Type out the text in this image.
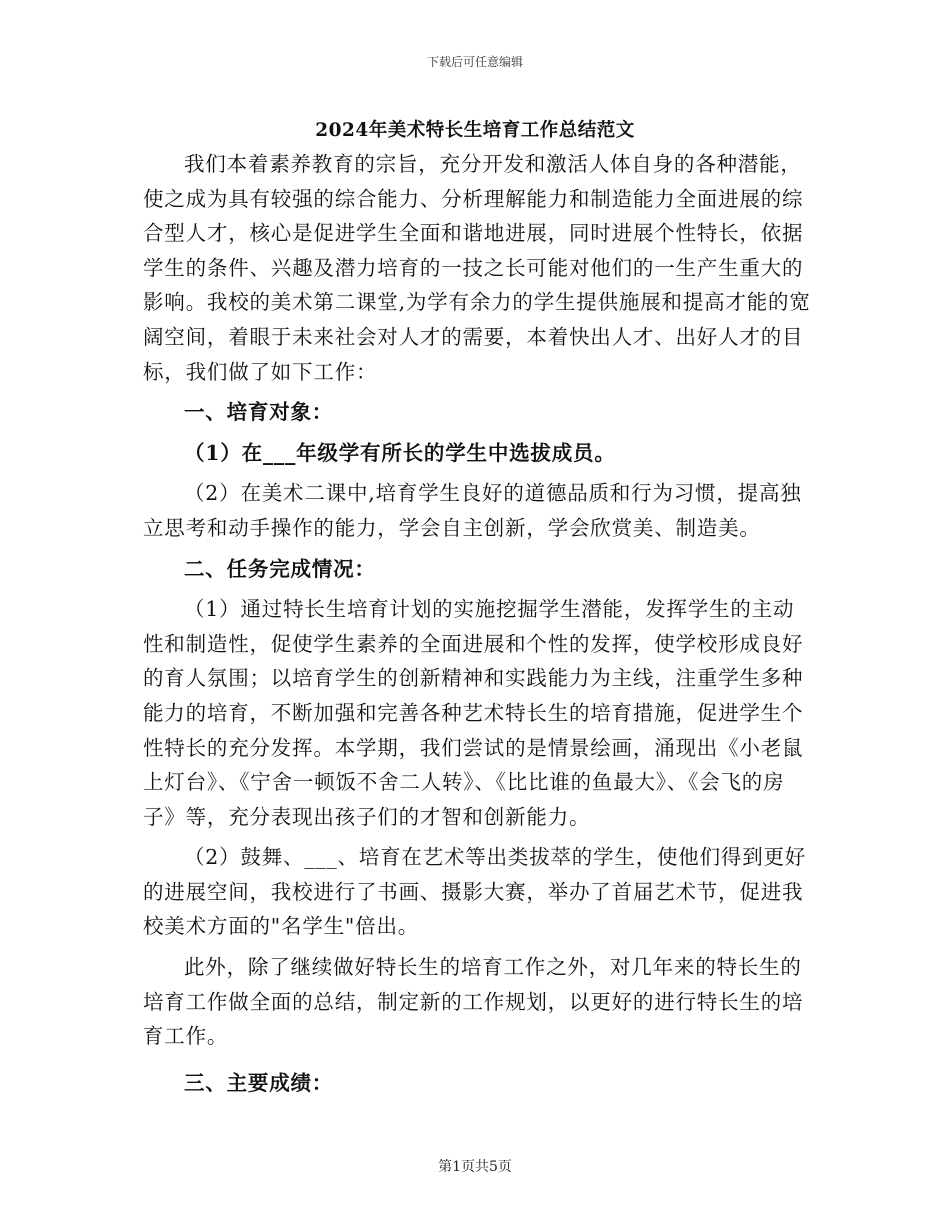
下载后可任意编辑
2024年美术特长生培育工作总结范文

我们本着素养教育的宗旨，充分开发和激活人体自身的各种潜能，使之成为具有较强的综合能力、分析理解能力和制造能力全面进展的综合型人才，核心是促进学生全面和谐地进展，同时进展个性特长，依据学生的条件、兴趣及潜力培育的一技之长可能对他们的一生产生重大的影响。我校的美术第二课堂,为学有余力的学生提供施展和提高才能的宽阔空间，着眼于未来社会对人才的需要，本着快出人才、出好人才的目标，我们做了如下工作：

一、培育对象：

（1）在___年级学有所长的学生中选拔成员。

（2）在美术二课中,培育学生良好的道德品质和行为习惯，提高独立思考和动手操作的能力，学会自主创新，学会欣赏美、制造美。

二、任务完成情况：

（1）通过特长生培育计划的实施挖掘学生潜能，发挥学生的主动性和制造性，促使学生素养的全面进展和个性的发挥，使学校形成良好的育人氛围；以培育学生的创新精神和实践能力为主线，注重学生多种能力的培育，不断加强和完善各种艺术特长生的培育措施，促进学生个性特长的充分发挥。本学期，我们尝试的是情景绘画，涌现出《小老鼠上灯台》、《宁舍一顿饭不舍二人转》、《比比谁的鱼最大》、《会飞的房子》等，充分表现出孩子们的才智和创新能力。

（2）鼓舞、___、培育在艺术等出类拔萃的学生，使他们得到更好的进展空间，我校进行了书画、摄影大赛，举办了首届艺术节，促进我校美术方面的"名学生"倍出。

此外，除了继续做好特长生的培育工作之外，对几年来的特长生的培育工作做全面的总结，制定新的工作规划，以更好的进行特长生的培育工作。

三、主要成绩：

第1页共5页
